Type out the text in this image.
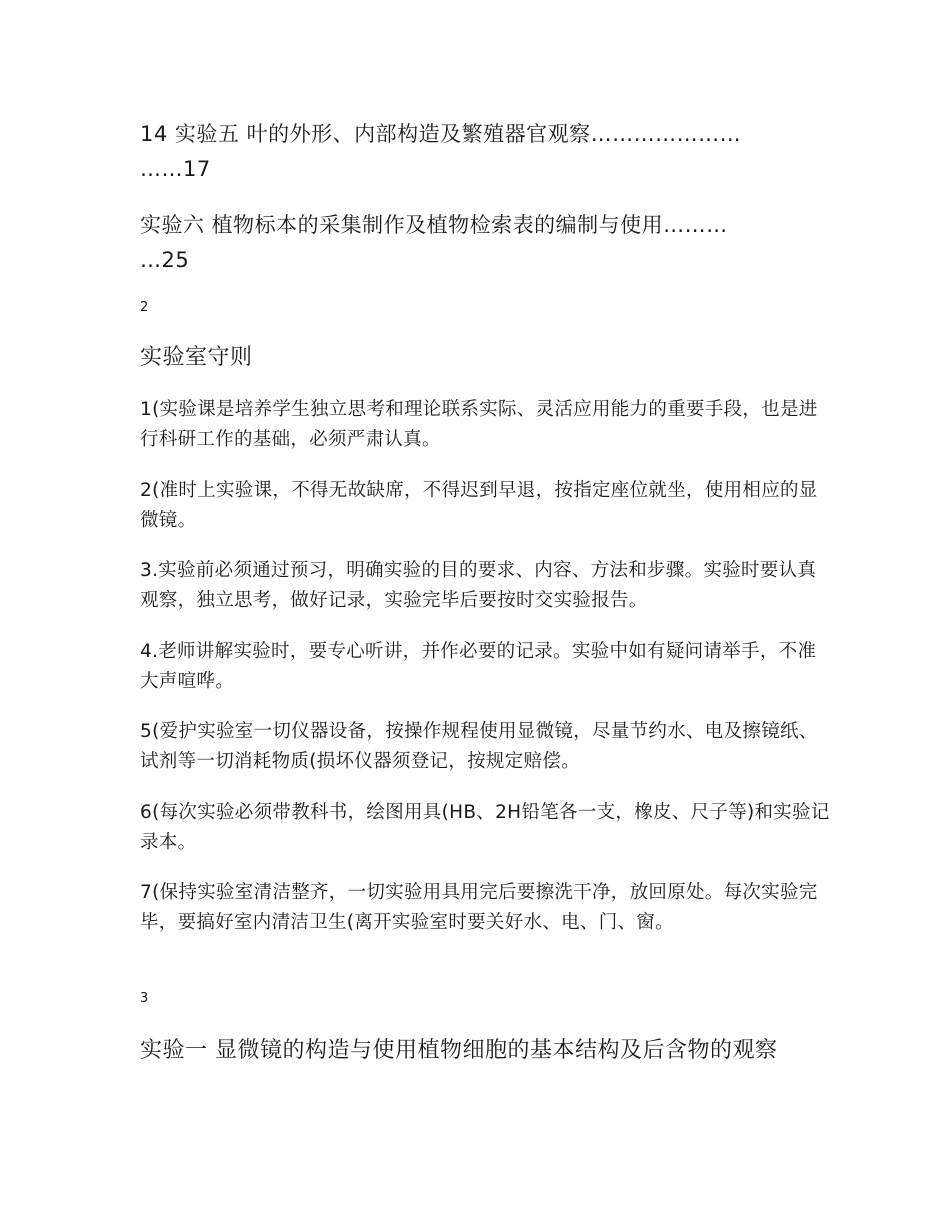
14 实验五 叶的外形、内部构造及繁殖器官观察…………………
……17
实验六 植物标本的采集制作及植物检索表的编制与使用………
…25
2
实验室守则

1(实验课是培养学生独立思考和理论联系实际、灵活应用能力的重要手段，也是进行科研工作的基础，必须严肃认真。

2(准时上实验课，不得无故缺席，不得迟到早退，按指定座位就坐，使用相应的显微镜。

3.实验前必须通过预习，明确实验的目的要求、内容、方法和步骤。实验时要认真观察，独立思考，做好记录，实验完毕后要按时交实验报告。

4.老师讲解实验时，要专心听讲，并作必要的记录。实验中如有疑问请举手，不准大声喧哗。

5(爱护实验室一切仪器设备，按操作规程使用显微镜，尽量节约水、电及擦镜纸、试剂等一切消耗物质(损坏仪器须登记，按规定赔偿。

6(每次实验必须带教科书，绘图用具(HB、2H铅笔各一支，橡皮、尺子等)和实验记录本。

7(保持实验室清洁整齐，一切实验用具用完后要擦洗干净，放回原处。每次实验完毕，要搞好室内清洁卫生(离开实验室时要关好水、电、门、窗。

3
实验一 显微镜的构造与使用植物细胞的基本结构及后含物的观察
